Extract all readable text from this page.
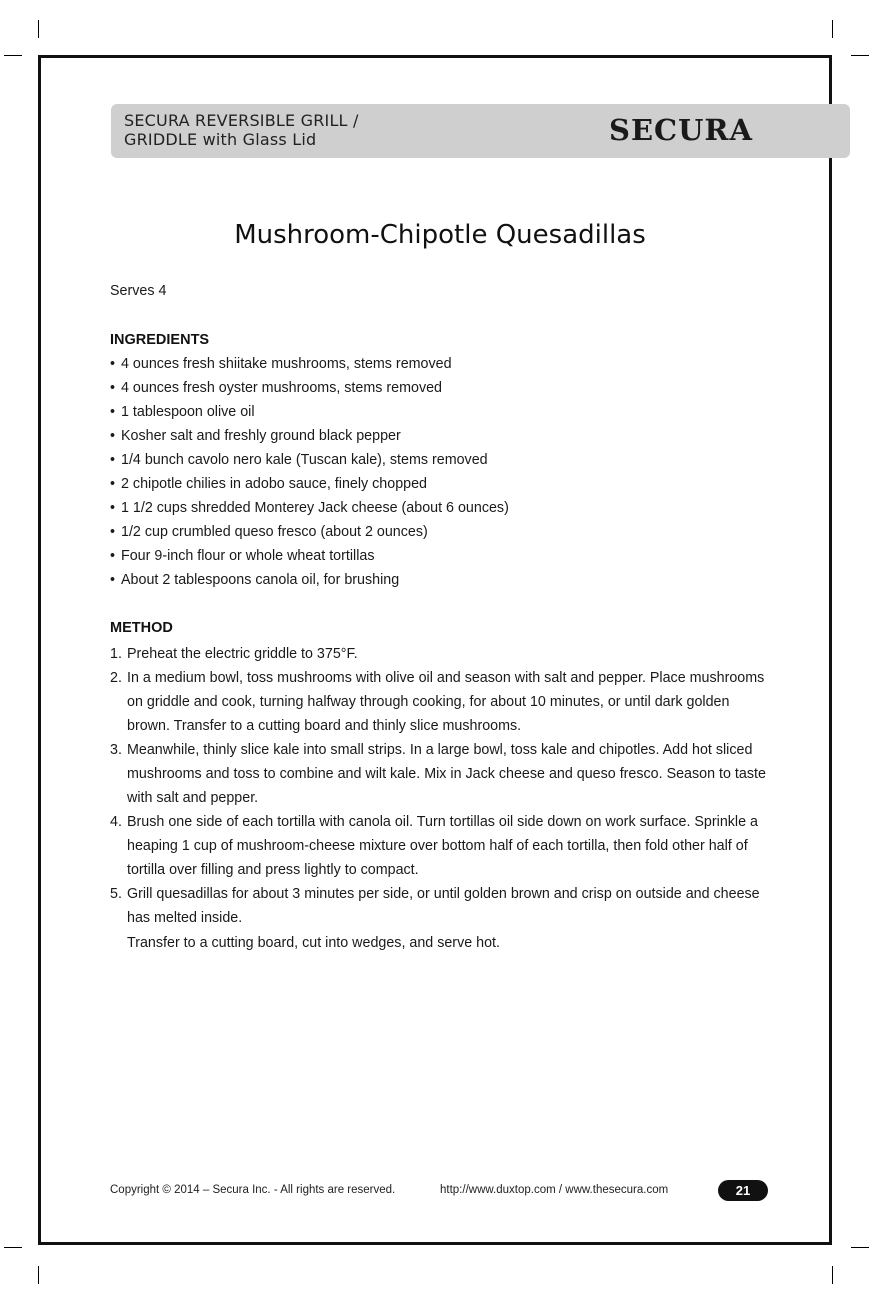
SECURA REVERSIBLE GRILL /
GRIDDLE with Glass Lid	SECURA
Mushroom-Chipotle Quesadillas
Serves 4
INGREDIENTS
• 4 ounces fresh shiitake mushrooms, stems removed
• 4 ounces fresh oyster mushrooms, stems removed
• 1 tablespoon olive oil
• Kosher salt and freshly ground black pepper
• 1/4 bunch cavolo nero kale (Tuscan kale), stems removed
• 2 chipotle chilies in adobo sauce, finely chopped
• 1 1/2 cups shredded Monterey Jack cheese (about 6 ounces)
• 1/2 cup crumbled queso fresco (about 2 ounces)
• Four 9-inch flour or whole wheat tortillas
• About 2 tablespoons canola oil, for brushing
METHOD
1. Preheat the electric griddle to 375°F.
2. In a medium bowl, toss mushrooms with olive oil and season with salt and pepper. Place mushrooms on griddle and cook, turning halfway through cooking, for about 10 minutes, or until dark golden brown. Transfer to a cutting board and thinly slice mushrooms.
3. Meanwhile, thinly slice kale into small strips. In a large bowl, toss kale and chipotles. Add hot sliced mushrooms and toss to combine and wilt kale. Mix in Jack cheese and queso fresco. Season to taste with salt and pepper.
4. Brush one side of each tortilla with canola oil. Turn tortillas oil side down on work surface. Sprinkle a heaping 1 cup of mushroom-cheese mixture over bottom half of each tortilla, then fold other half of tortilla over filling and press lightly to compact.
5. Grill quesadillas for about 3 minutes per side, or until golden brown and crisp on outside and cheese has melted inside.
Transfer to a cutting board, cut into wedges, and serve hot.
Copyright © 2014 – Secura Inc. - All rights are reserved.	http://www.duxtop.com / www.thesecura.com	21
